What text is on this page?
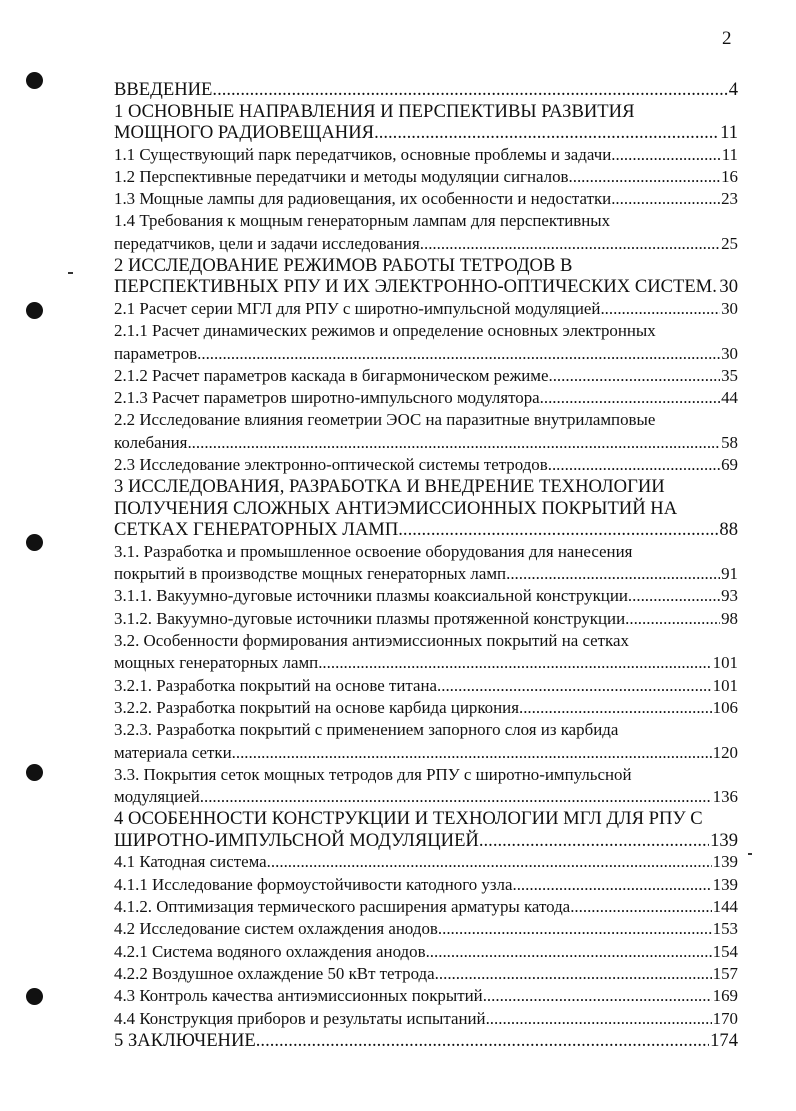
2
ВВЕДЕНИЕ .....	4
1 ОСНОВНЫЕ НАПРАВЛЕНИЯ И ПЕРСПЕКТИВЫ РАЗВИТИЯ
МОЩНОГО РАДИОВЕЩАНИЯ .....	11
1.1 Существующий парк передатчиков, основные проблемы и задачи .....	11
1.2 Перспективные передатчики и методы модуляции сигналов .....	16
1.3 Мощные лампы для радиовещания, их особенности и недостатки .....	23
1.4 Требования к мощным генераторным лампам для перспективных
передатчиков, цели и задачи исследования .....	25
2 ИССЛЕДОВАНИЕ РЕЖИМОВ РАБОТЫ ТЕТРОДОВ В
ПЕРСПЕКТИВНЫХ РПУ И ИХ ЭЛЕКТРОННО-ОПТИЧЕСКИХ СИСТЕМ ..... 30
2.1 Расчет серии МГЛ для РПУ с широтно-импульсной модуляцией .....	30
2.1.1 Расчет динамических режимов и определение основных электронных
параметров .....	30
2.1.2 Расчет параметров каскада в бигармоническом режиме .....	35
2.1.3 Расчет параметров широтно-импульсного модулятора .....	44
2.2 Исследование влияния геометрии ЭОС на паразитные внутриламповые
колебания .....	58
2.3 Исследование электронно-оптической системы тетродов .....	69
3 ИССЛЕДОВАНИЯ, РАЗРАБОТКА И ВНЕДРЕНИЕ ТЕХНОЛОГИИ
ПОЛУЧЕНИЯ СЛОЖНЫХ АНТИЭМИССИОННЫХ ПОКРЫТИЙ НА
СЕТКАХ ГЕНЕРАТОРНЫХ ЛАМП .....	88
3.1. Разработка и промышленное освоение оборудования для нанесения
покрытий в производстве мощных генераторных ламп .....	91
3.1.1. Вакуумно-дуговые источники плазмы коаксиальной конструкции .....	93
3.1.2. Вакуумно-дуговые источники плазмы протяженной конструкции .....	98
3.2. Особенности формирования антиэмиссионных покрытий на сетках
мощных генераторных ламп .....	101
3.2.1. Разработка покрытий на основе титана .....	101
3.2.2. Разработка покрытий на основе карбида циркония .....	106
3.2.3. Разработка покрытий с применением запорного слоя из карбида
материала сетки .....	120
3.3. Покрытия сеток мощных тетродов для РПУ с широтно-импульсной
модуляцией .....	136
4 ОСОБЕННОСТИ КОНСТРУКЦИИ И ТЕХНОЛОГИИ МГЛ ДЛЯ РПУ С
ШИРОТНО-ИМПУЛЬСНОЙ МОДУЛЯЦИЕЙ .....	139
4.1 Катодная система .....	139
4.1.1 Исследование формоустойчивости катодного узла .....	139
4.1.2. Оптимизация термического расширения арматуры катода .....	144
4.2 Исследование систем охлаждения анодов .....	153
4.2.1 Система водяного охлаждения анодов .....	154
4.2.2 Воздушное охлаждение 50 кВт тетрода .....	157
4.3 Контроль качества антиэмиссионных покрытий .....	169
4.4 Конструкция приборов и результаты испытаний .....	170
5 ЗАКЛЮЧЕНИЕ .....	174
